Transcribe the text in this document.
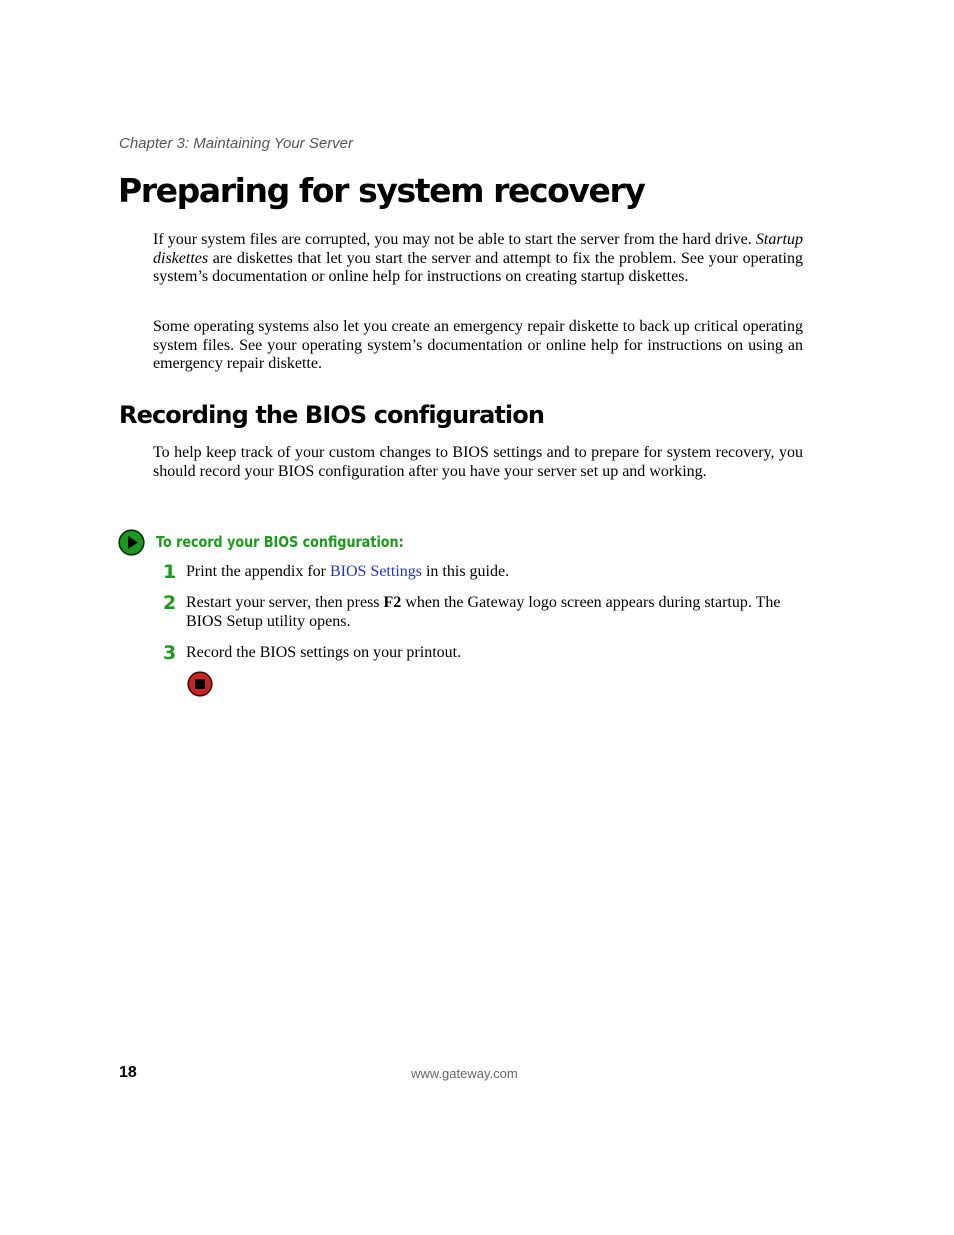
Chapter 3: Maintaining Your Server
Preparing for system recovery

If your system files are corrupted, you may not be able to start the server from the hard drive. Startup diskettes are diskettes that let you start the server and attempt to fix the problem. See your operating system’s documentation or online help for instructions on creating startup diskettes.

Some operating systems also let you create an emergency repair diskette to back up critical operating system files. See your operating system’s documentation or online help for instructions on using an emergency repair diskette.

Recording the BIOS configuration

To help keep track of your custom changes to BIOS settings and to prepare for system recovery, you should record your BIOS configuration after you have your server set up and working.

To record your BIOS configuration:
1 Print the appendix for BIOS Settings in this guide.

2 Restart your server, then press F2 when the Gateway logo screen appears during startup. The BIOS Setup utility opens.

3 Record the BIOS settings on your printout.

18	www.gateway.com
